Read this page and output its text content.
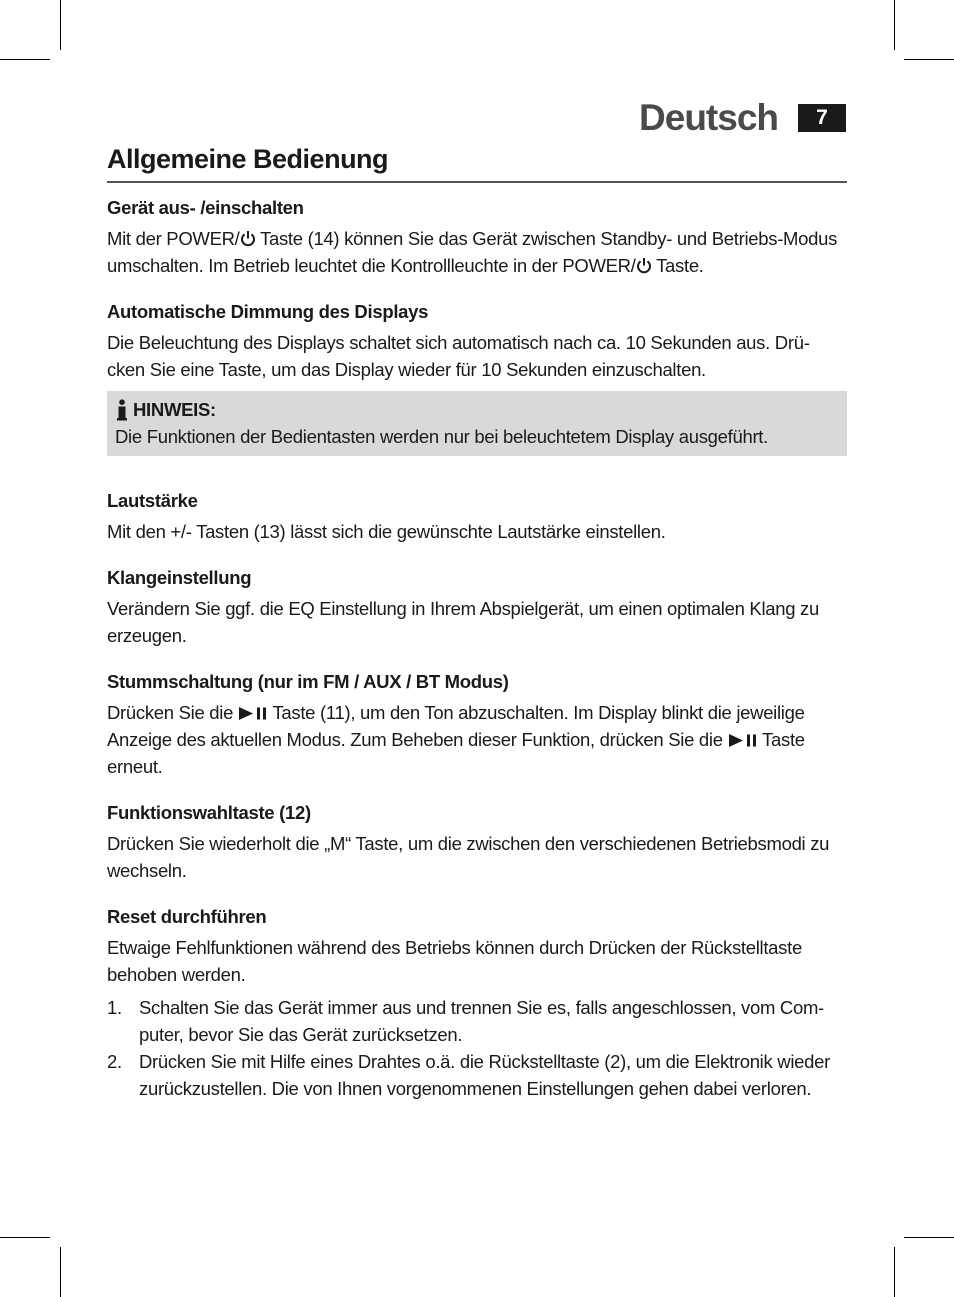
Deutsch	7
Allgemeine Bedienung
Gerät aus- /einschalten

Mit der POWER/ Taste (14) können Sie das Gerät zwischen Standby- und Betriebs-Modus umschalten. Im Betrieb leuchtet die Kontrollleuchte in der POWER/ Taste.

Automatische Dimmung des Displays

Die Beleuchtung des Displays schaltet sich automatisch nach ca. 10 Sekunden aus. Drü-cken Sie eine Taste, um das Display wieder für 10 Sekunden einzuschalten.

HINWEIS:

Die Funktionen der Bedientasten werden nur bei beleuchtetem Display ausgeführt.

Lautstärke

Mit den +/- Tasten (13) lässt sich die gewünschte Lautstärke einstellen.

Klangeinstellung

Verändern Sie ggf. die EQ Einstellung in Ihrem Abspielgerät, um einen optimalen Klang zu erzeugen.

Stummschaltung (nur im FM / AUX / BT Modus)

Drücken Sie die  Taste (11), um den Ton abzuschalten. Im Display blinkt die jeweilige Anzeige des aktuellen Modus. Zum Beheben dieser Funktion, drücken Sie die  Taste erneut.

Funktionswahltaste (12)

Drücken Sie wiederholt die „M“ Taste, um die zwischen den verschiedenen Betriebsmodi zu wechseln.

Reset durchführen

Etwaige Fehlfunktionen während des Betriebs können durch Drücken der Rückstelltaste behoben werden.

1. Schalten Sie das Gerät immer aus und trennen Sie es, falls angeschlossen, vom Com-puter, bevor Sie das Gerät zurücksetzen.
2. Drücken Sie mit Hilfe eines Drahtes o.ä. die Rückstelltaste (2), um die Elektronik wieder zurückzustellen. Die von Ihnen vorgenommenen Einstellungen gehen dabei verloren.
